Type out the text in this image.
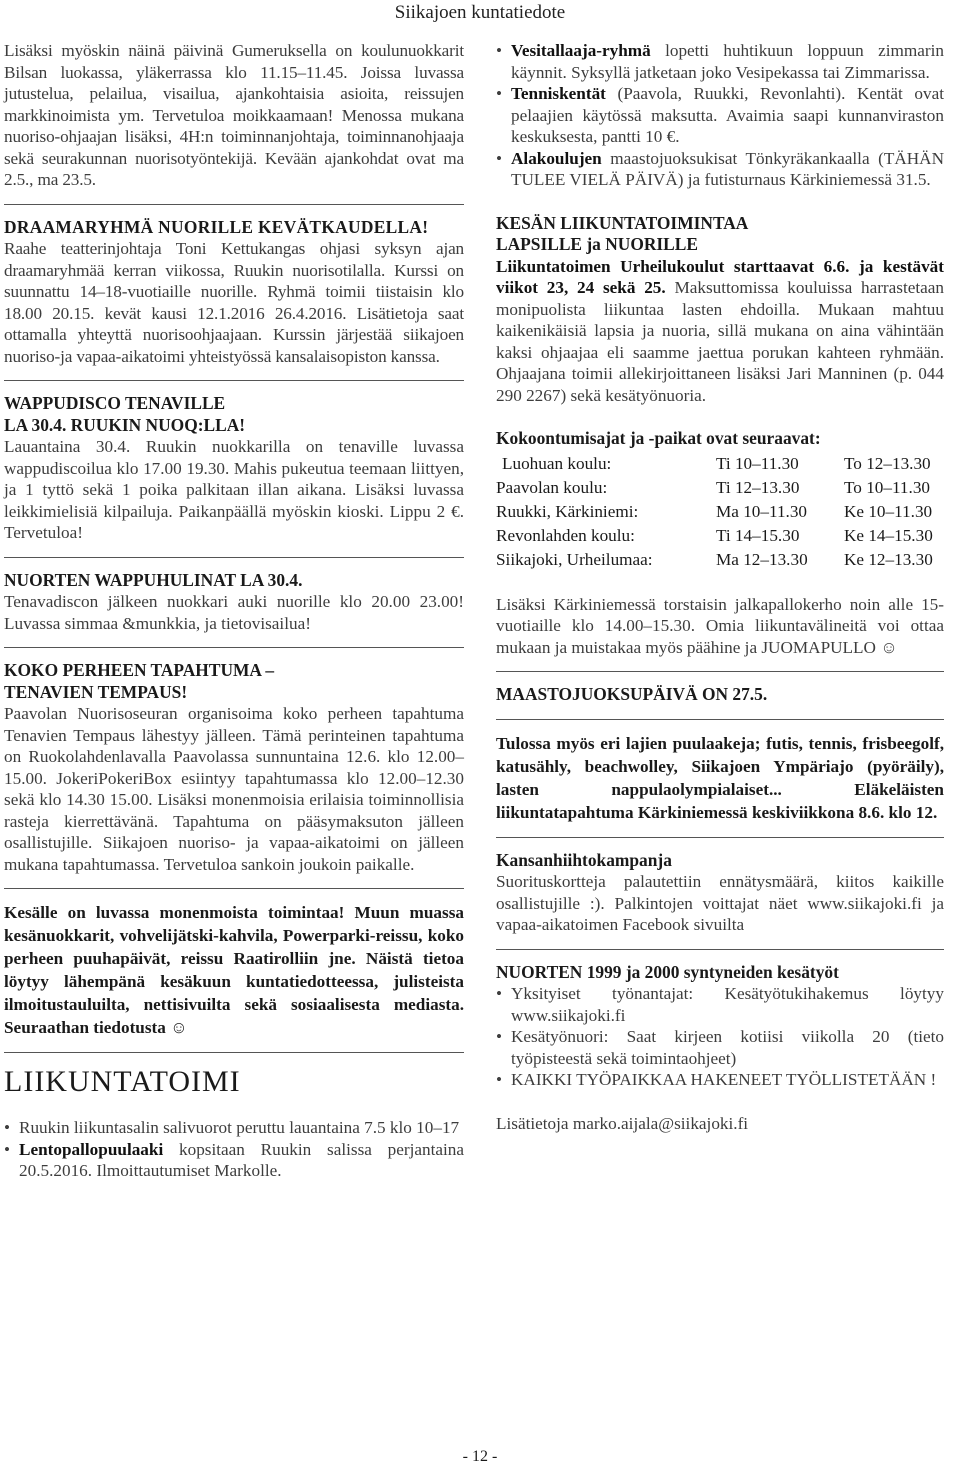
Siikajoen kuntatiedote

Lisäksi myöskin näinä päivinä Gumeruksella on koulunuokkarit Bilsan luokassa, yläkerrassa klo 11.15–11.45. Joissa luvassa jutustelua, pelailua, visailua, ajankohtaisia asioita, reissujen markkinoimista ym. Tervetuloa moikkaamaan! Menossa mukana nuoriso-ohjaajan lisäksi, 4H:n toiminnanjohtaja, toiminnanohjaaja sekä seurakunnan nuorisotyöntekijä. Kevään ajankohdat ovat ma 2.5., ma 23.5.

DRAAMARYHMÄ NUORILLE KEVÄTKAUDELLA!

Raahe teatterinjohtaja Toni Kettukangas ohjasi syksyn ajan draamaryhmää kerran viikossa, Ruukin nuorisotilalla. Kurssi on suunnattu 14–18-vuotiaille nuorille. Ryhmä toimii tiistaisin klo 18.00 20.15. kevät kausi 12.1.2016 26.4.2016. Lisätietoja saat ottamalla yhteyttä nuorisoohjaajaan. Kurssin järjestää siikajoen nuoriso-ja vapaa-aikatoimi yhteistyössä kansalaisopiston kanssa.

WAPPUDISCO TENAVILLE

LA 30.4. RUUKIN NUOQ:LLA!

Lauantaina 30.4. Ruukin nuokkarilla on tenaville luvassa wappudiscoilua klo 17.00 19.30. Mahis pukeutua teemaan liittyen, ja 1 tyttö sekä 1 poika palkitaan illan aikana. Lisäksi luvassa leikkimielisiä kilpailuja. Paikanpäällä myöskin kioski. Lippu 2 €. Tervetuloa!

NUORTEN WAPPUHULINAT LA 30.4.

Tenavadiscon jälkeen nuokkari auki nuorille klo 20.00 23.00! Luvassa simmaa &munkkia, ja tietovisailua!

KOKO PERHEEN TAPAHTUMA –

TENAVIEN TEMPAUS!

Paavolan Nuorisoseuran organisoima koko perheen tapahtuma Tenavien Tempaus lähestyy jälleen. Tämä perinteinen tapahtuma on Ruokolahdenlavalla Paavolassa sunnuntaina 12.6. klo 12.00–15.00. JokeriPokeriBox esiintyy tapahtumassa klo 12.00–12.30 sekä klo 14.30 15.00. Lisäksi monenmoisia erilaisia toiminnollisia rasteja kierrettävänä. Tapahtuma on pääsymaksuton jälleen osallistujille. Siikajoen nuoriso- ja vapaa-aikatoimi on jälleen mukana tapahtumassa. Tervetuloa sankoin joukoin paikalle.

Kesälle on luvassa monenmoista toimintaa! Muun muassa kesänuokkarit, vohvelijätski-kahvila, Powerparki-reissu, koko perheen puuhapäivät, reissu Raatirolliin jne. Näistä tietoa löytyy lähempänä kesäkuun kuntatiedotteessa, julisteista ilmoitustauluilta, nettisivuilta sekä sosiaalisesta mediasta. Seuraathan tiedotusta ☺

LIIKUNTATOIMI

• Ruukin liikuntasalin salivuorot peruttu lauantaina 7.5 klo 10–17
• Lentopallopuulaaki kopsitaan Ruukin salissa perjantaina 20.5.2016. Ilmoittautumiset Markolle.
• Vesitallaaja-ryhmä lopetti huhtikuun loppuun zimmarin käynnit. Syksyllä jatketaan joko Vesipekassa tai Zimmarissa.
• Tenniskentät (Paavola, Ruukki, Revonlahti). Kentät ovat pelaajien käytössä maksutta. Avaimia saapi kunnanviraston keskuksesta, pantti 10 €.
• Alakoulujen maastojuoksukisat Tönkyräkankaalla (TÄHÄN TULEE VIELÄ PÄIVÄ) ja futisturnaus Kärkiniemessä 31.5.

KESÄN LIIKUNTATOIMINTAA

LAPSILLE ja NUORILLE

Liikuntatoimen Urheilukoulut starttaavat 6.6. ja kestävät viikot 23, 24 sekä 25. Maksuttomissa kouluissa harrastetaan monipuolista liikuntaa lasten ehdoilla. Mukaan mahtuu kaikenikäisiä lapsia ja nuoria, sillä mukana on aina vähintään kaksi ohjaajaa eli saamme jaettua porukan kahteen ryhmään. Ohjaajana toimii allekirjoittaneen lisäksi Jari Manninen (p. 044 290 2267) sekä kesätyönuoria.

Kokoontumisajat ja -paikat ovat seuraavat:

Luohuan koulu:	Ti 10–11.30	To 12–13.30
Paavolan koulu:	Ti 12–13.30	To 10–11.30
Ruukki, Kärkiniemi:	Ma 10–11.30	Ke 10–11.30
Revonlahden koulu:	Ti 14–15.30	Ke 14–15.30
Siikajoki, Urheilumaa:	Ma 12–13.30	Ke 12–13.30

Lisäksi Kärkiniemessä torstaisin jalkapallokerho noin alle 15-vuotiaille klo 14.00–15.30. Omia liikuntavälineitä voi ottaa mukaan ja muistakaa myös päähine ja JUOMAPULLO ☺

MAASTOJUOKSUPÄIVÄ ON 27.5.

Tulossa myös eri lajien puulaakeja; futis, tennis, frisbeegolf, katusähly, beachwolley, Siikajoen Ympäriajo (pyöräily), lasten nappulaolympialaiset... Eläkeläisten liikuntatapahtuma Kärkiniemessä keskiviikkona 8.6. klo 12.

Kansanhiihtokampanja

Suorituskortteja palautettiin ennätysmäärä, kiitos kaikille osallistujille :). Palkintojen voittajat näet www.siikajoki.fi ja vapaa-aikatoimen Facebook sivuilta

NUORTEN 1999 ja 2000 syntyneiden kesätyöt

• Yksityiset työnantajat: Kesätyötukihakemus löytyy www.siikajoki.fi
• Kesätyönuori: Saat kirjeen kotiisi viikolla 20 (tieto työpisteestä sekä toimintaohjeet)
• KAIKKI TYÖPAIKKAA HAKENEET TYÖLLISTETÄÄN !

Lisätietoja marko.aijala@siikajoki.fi

- 12 -
